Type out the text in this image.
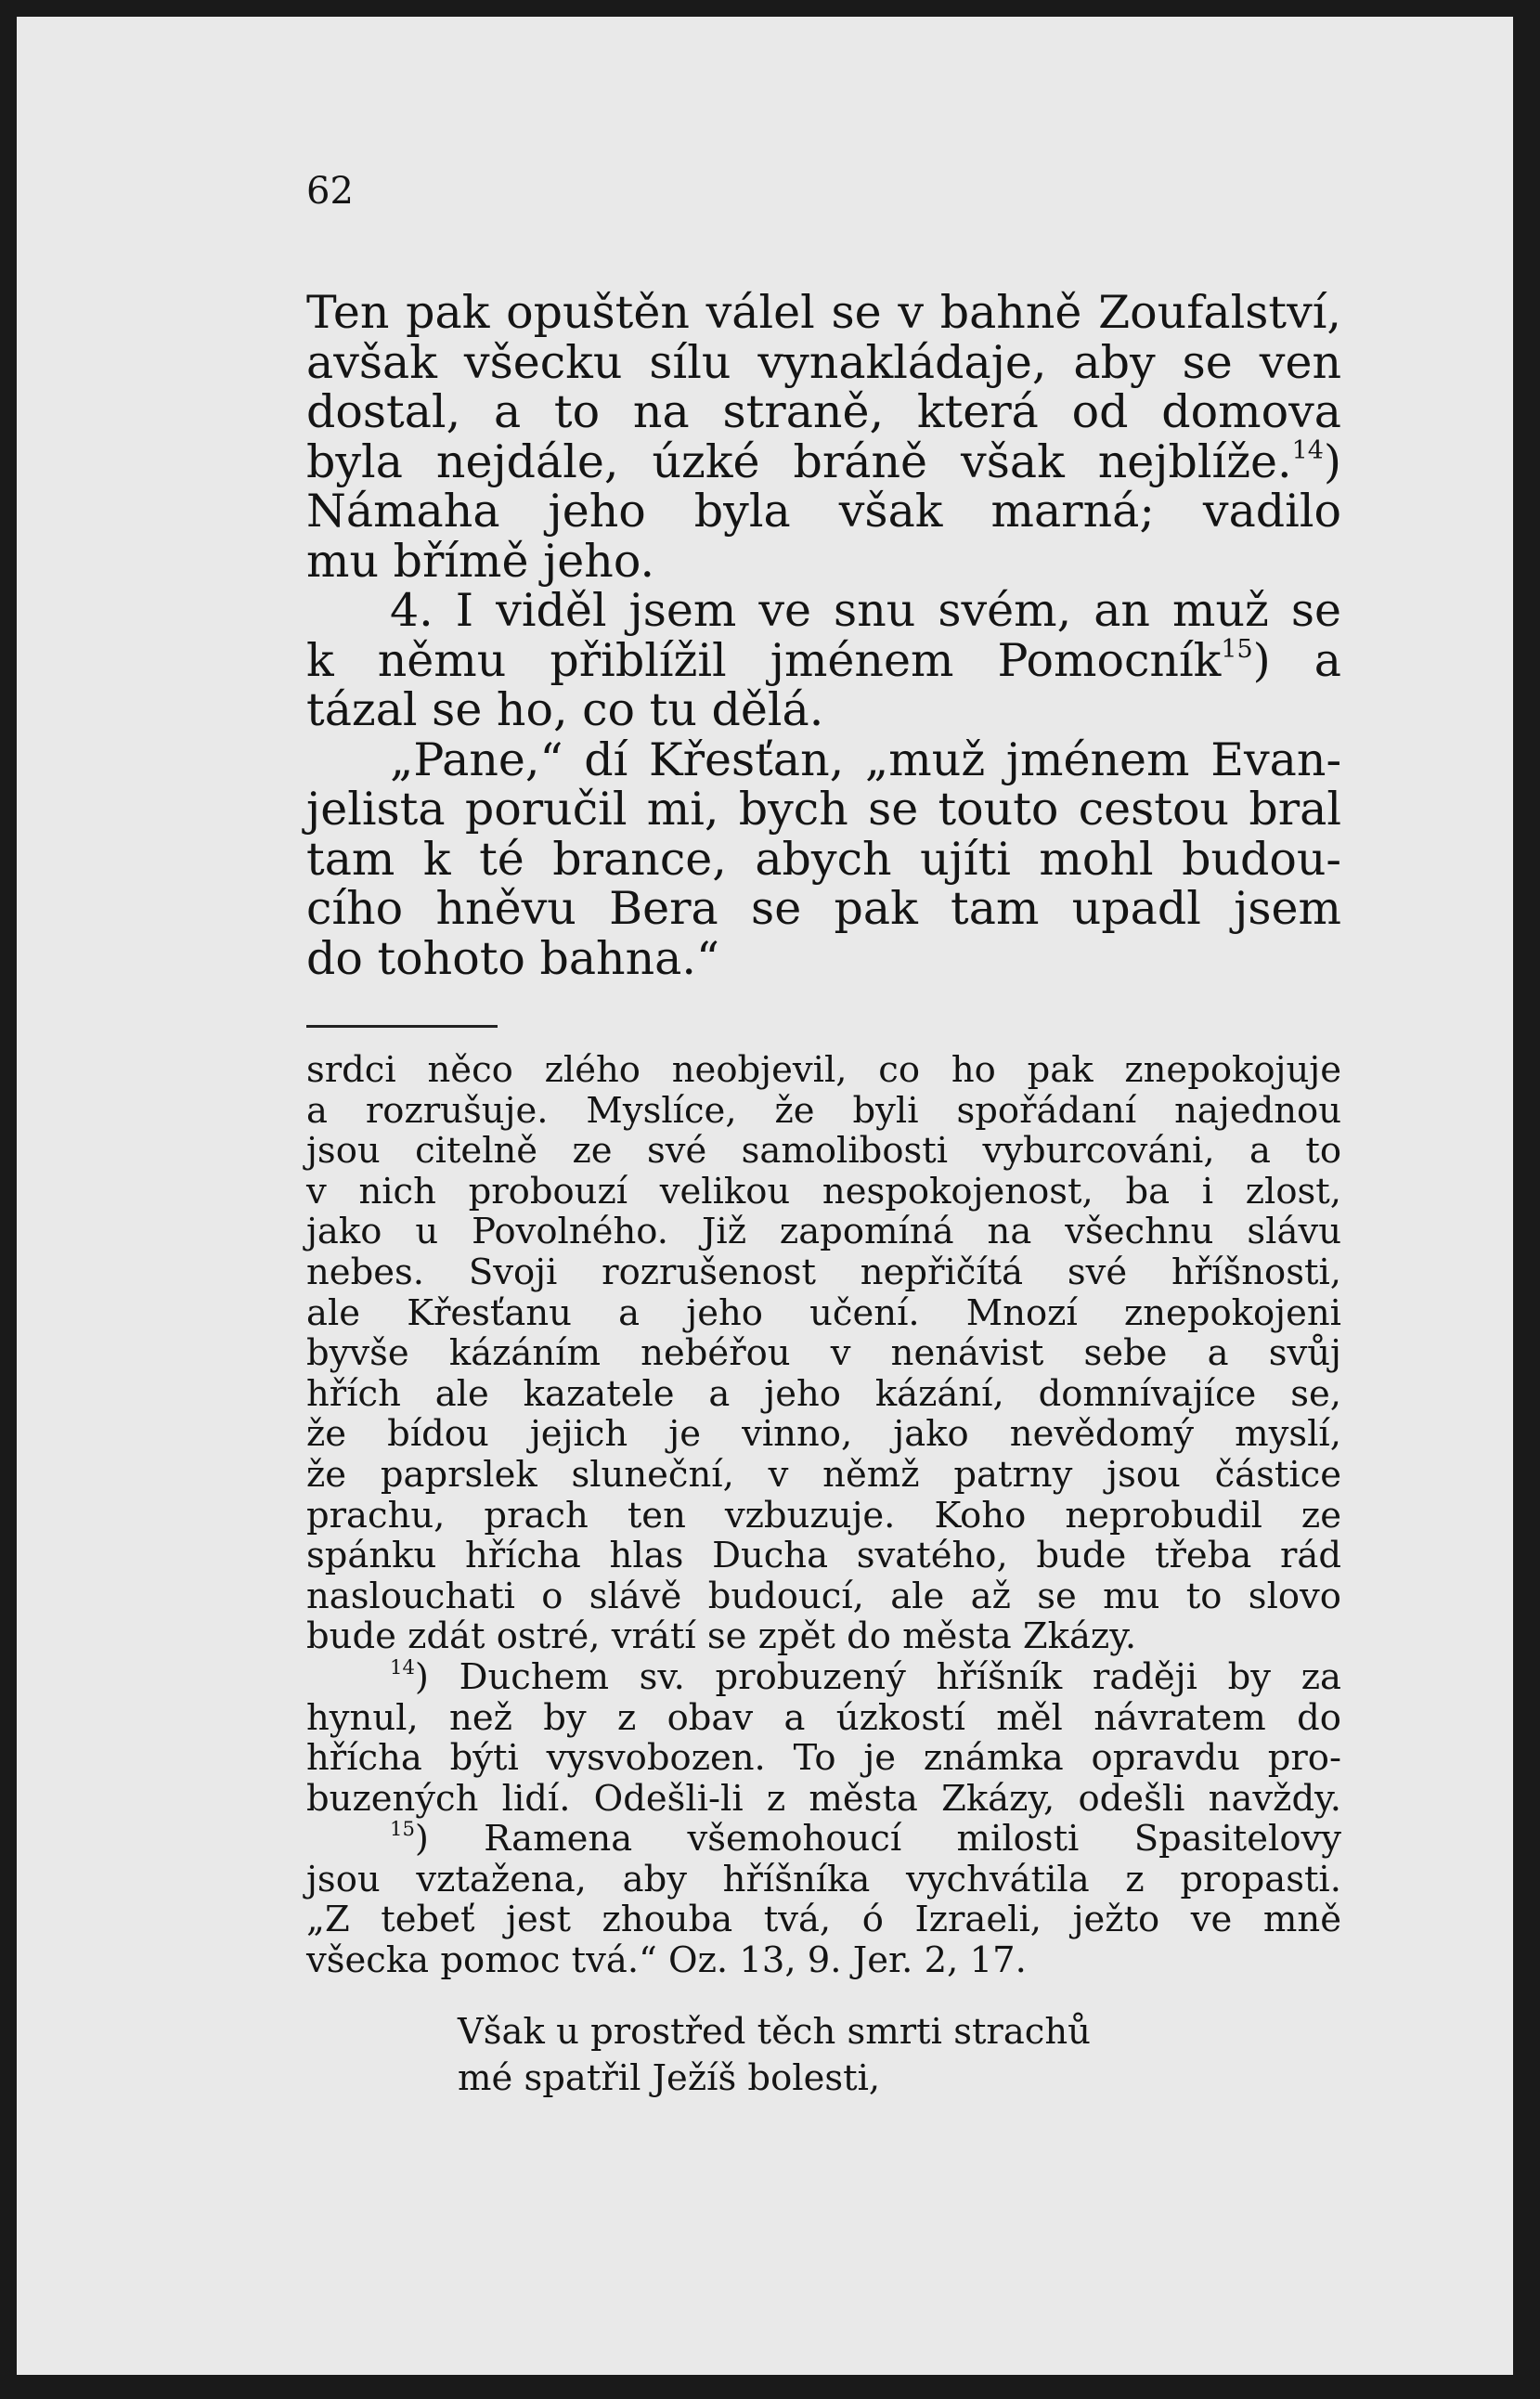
62
Ten pak opuštěn válel se v bahně Zoufalství,
avšak všecku sílu vynakládaje, aby se ven
dostal, a to na straně, která od domova
byla nejdále, úzké bráně však nejblíže.$^{14}$)
Námaha jeho byla však marná; vadilo
mu břímě jeho.
4. I viděl jsem ve snu svém, an muž se
k němu přiblížil jménem Pomocník$^{15}$) a
tázal se ho, co tu dělá.
„Pane,“ dí Křesťan, „muž jménem Evan-
jelista poručil mi, bych se touto cestou bral
tam k té brance, abych ujíti mohl budou-
cího hněvu Bera se pak tam upadl jsem
do tohoto bahna.“
srdci něco zlého neobjevil, co ho pak znepokojuje
a rozrušuje. Myslíce, že byli spořádaní najednou
jsou citelně ze své samolibosti vyburcováni, a to
v nich probouzí velikou nespokojenost, ba i zlost,
jako u Povolného. Již zapomíná na všechnu slávu
nebes. Svoji rozrušenost nepřičítá své hříšnosti,
ale Křesťanu a jeho učení. Mnozí znepokojeni
byvše kázáním nebéřou v nenávist sebe a svůj
hřích ale kazatele a jeho kázání, domnívajíce se,
že bídou jejich je vinno, jako nevědomý myslí,
že paprslek sluneční, v němž patrny jsou částice
prachu, prach ten vzbuzuje. Koho neprobudil ze
spánku hřícha hlas Ducha svatého, bude třeba rád
naslouchati o slávě budoucí, ale až se mu to slovo
bude zdát ostré, vrátí se zpět do města Zkázy.
$^{14}$) Duchem sv. probuzený hříšník raději by za
hynul, než by z obav a úzkostí měl návratem do
hřícha býti vysvobozen. To je známka opravdu pro-
buzených lidí. Odešli-li z města Zkázy, odešli navždy.
$^{15}$) Ramena všemohoucí milosti Spasitelovy
jsou vztažena, aby hříšníka vychvátila z propasti.
„Z tebeť jest zhouba tvá, ó Izraeli, ježto ve mně
všecka pomoc tvá.“ Oz. 13, 9. Jer. 2, 17.
Však u prostřed těch smrti strachů
mé spatřil Ježíš bolesti,
